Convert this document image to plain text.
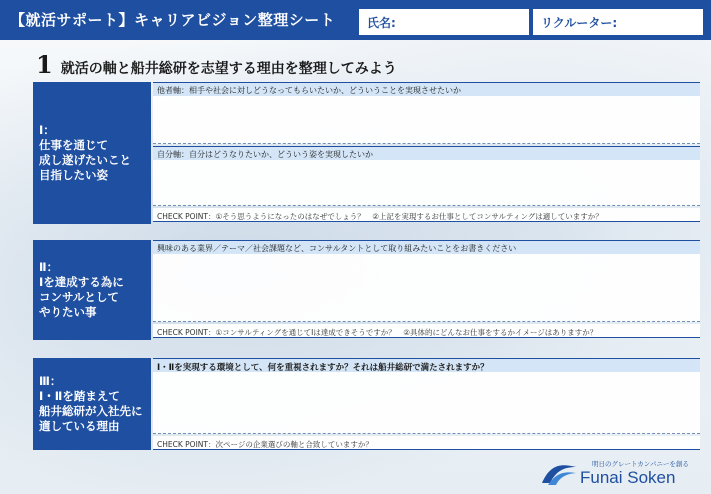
【就活サポート】キャリアビジョン整理シート	氏名:	リクルーター:
1 就活の軸と船井総研を志望する理由を整理してみよう
Ⅰ：
仕事を通じて
成し遂げたいこと
目指したい姿
他者軸：相手や社会に対しどうなってもらいたいか、どういうことを実現させたいか
自分軸：自分はどうなりたいか、どういう姿を実現したいか
CHECK POINT：①そう思うようになったのはなぜでしょう？　②上記を実現するお仕事としてコンサルティングは適していますか？
Ⅱ：
Ⅰを達成する為に
コンサルとして
やりたい事
興味のある業界／テーマ／社会課題など、コンサルタントとして取り組みたいことをお書きください
CHECK POINT：①コンサルティングを通じてⅠは達成できそうですか？　②具体的にどんなお仕事をするかイメージはありますか？
Ⅲ：
Ⅰ・Ⅱを踏まえて
船井総研が入社先に
適している理由
Ⅰ・Ⅱを実現する環境として、何を重視されますか？それは船井総研で満たされますか？
CHECK POINT：次ページの企業選びの軸と合致していますか？
明日のグレートカンパニーを創る
Funai Soken
